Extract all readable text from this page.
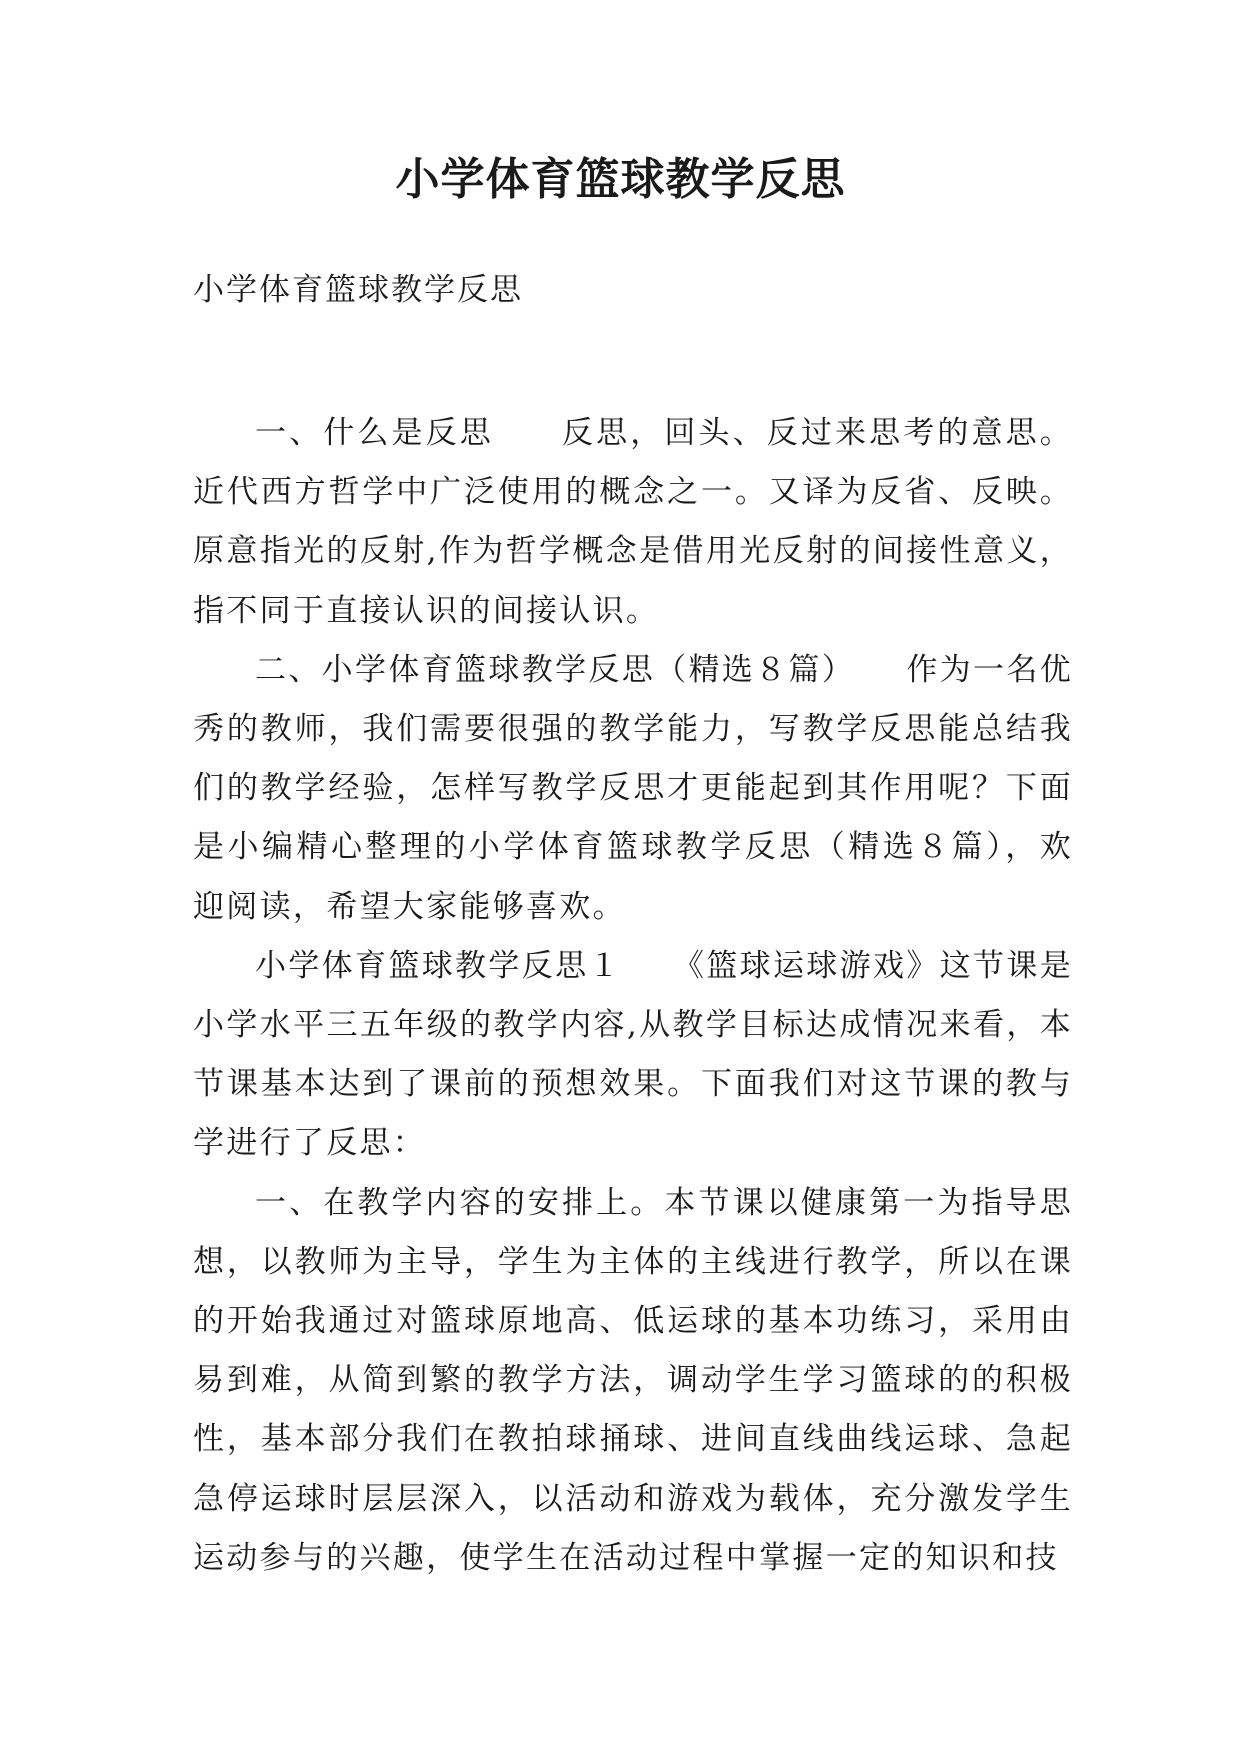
小学体育篮球教学反思
小学体育篮球教学反思

一、什么是反思　　反思，回头、反过来思考的意思。近代西方哲学中广泛使用的概念之一。又译为反省、反映。原意指光的反射,作为哲学概念是借用光反射的间接性意义，指不同于直接认识的间接认识。

二、小学体育篮球教学反思（精选８篇）　　作为一名优秀的教师，我们需要很强的教学能力，写教学反思能总结我们的教学经验，怎样写教学反思才更能起到其作用呢？下面是小编精心整理的小学体育篮球教学反思（精选８篇），欢迎阅读，希望大家能够喜欢。

小学体育篮球教学反思１　　《篮球运球游戏》这节课是小学水平三五年级的教学内容,从教学目标达成情况来看，本节课基本达到了课前的预想效果。下面我们对这节课的教与学进行了反思：

一、在教学内容的安排上。本节课以健康第一为指导思想，以教师为主导，学生为主体的主线进行教学，所以在课的开始我通过对篮球原地高、低运球的基本功练习，采用由易到难，从简到繁的教学方法，调动学生学习篮球的的积极性，基本部分我们在教拍球捅球、进间直线曲线运球、急起急停运球时层层深入，以活动和游戏为载体，充分激发学生运动参与的兴趣，使学生在活动过程中掌握一定的知识和技
